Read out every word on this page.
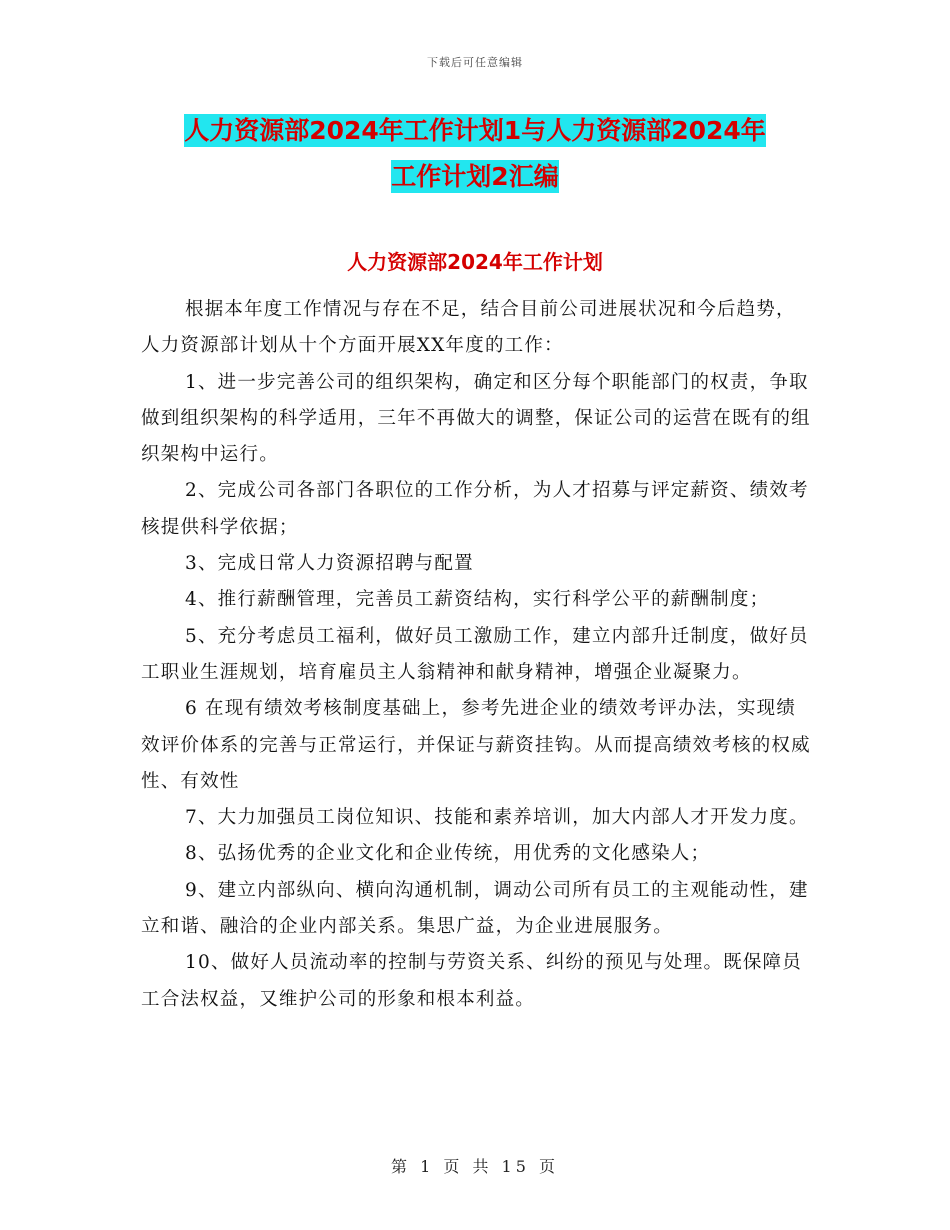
下载后可任意编辑
人力资源部2024年工作计划1与人力资源部2024年
工作计划2汇编
人力资源部2024年工作计划

根据本年度工作情况与存在不足，结合目前公司进展状况和今后趋势，人力资源部计划从十个方面开展XX年度的工作：

1、进一步完善公司的组织架构，确定和区分每个职能部门的权责，争取做到组织架构的科学适用，三年不再做大的调整，保证公司的运营在既有的组织架构中运行。

2、完成公司各部门各职位的工作分析，为人才招募与评定薪资、绩效考核提供科学依据；

3、完成日常人力资源招聘与配置

4、推行薪酬管理，完善员工薪资结构，实行科学公平的薪酬制度；

5、充分考虑员工福利，做好员工激励工作，建立内部升迁制度，做好员工职业生涯规划，培育雇员主人翁精神和献身精神，增强企业凝聚力。

6 在现有绩效考核制度基础上，参考先进企业的绩效考评办法，实现绩效评价体系的完善与正常运行，并保证与薪资挂钩。从而提高绩效考核的权威性、有效性

7、大力加强员工岗位知识、技能和素养培训，加大内部人才开发力度。

8、弘扬优秀的企业文化和企业传统，用优秀的文化感染人；

9、建立内部纵向、横向沟通机制，调动公司所有员工的主观能动性，建立和谐、融洽的企业内部关系。集思广益，为企业进展服务。

10、做好人员流动率的控制与劳资关系、纠纷的预见与处理。既保障员工合法权益，又维护公司的形象和根本利益。

第 1 页 共 15 页
